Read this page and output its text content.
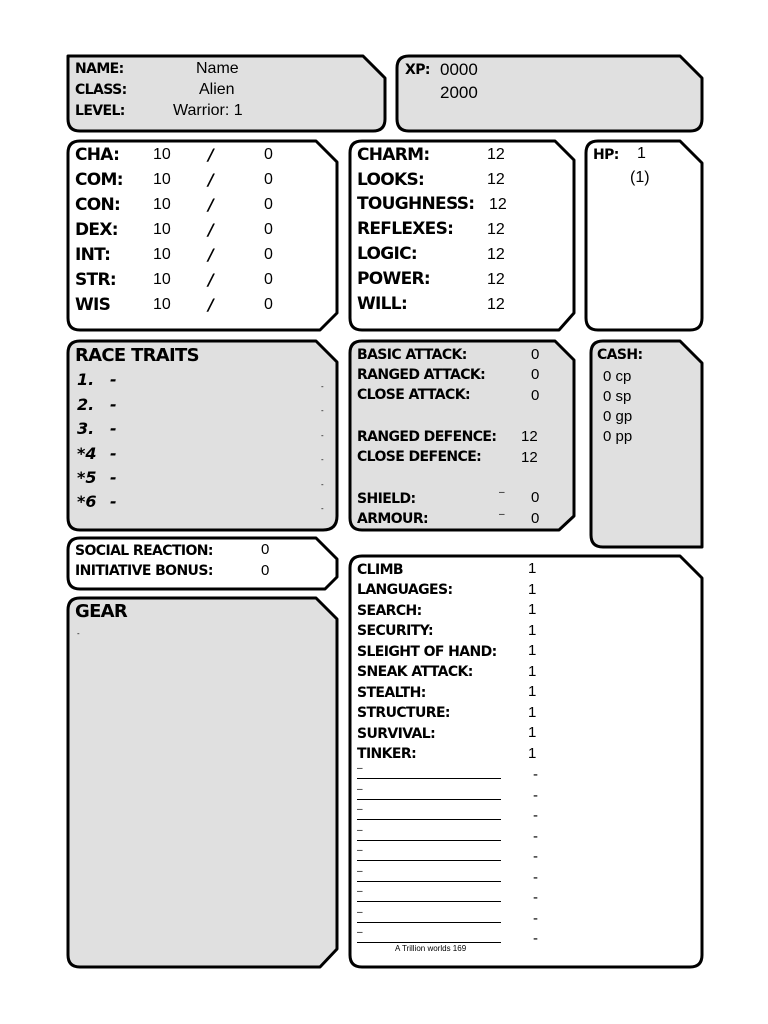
NAME:	Name
CLASS:	Alien
LEVEL:	Warrior: 1
XP: 0000
2000
CHA: 10 /	0
COM: 10 /	0
CON: 10 /	0
DEX: 10 /	0
INT:	10 /	0
STR: 10 /	0
WIS	10 /	0
CHARM:	12
LOOKS:	12
TOUGHNESS: 12
REFLEXES: 12
LOGIC:	12
POWER:	12
WILL:	12
HP: 1
(1)
RACE TRAITS
1. -	-
2. -	-
3. -	-
*4 -	-
*5 -	-
*6 -	-
BASIC ATTACK:	0
RANGED ATTACK:	0
CLOSE ATTACK:	0
RANGED DEFENCE: 12
CLOSE DEFENCE:	12
SHIELD:	– 0
ARMOUR:	– 0
CASH:
0 cp
0 sp
0 gp
0 pp
SOCIAL REACTION:	0
INITIATIVE BONUS:	0
GEAR
-
CLIMB	1
LANGUAGES:	1
SEARCH:	1
SECURITY:	1
SLEIGHT OF HAND: 1
SNEAK ATTACK:	1
STEALTH:	1
STRUCTURE:	1
SURVIVAL:	1
TINKER:	1
–	-
–	-
–	-
–	-
–	-
–	-
–	-
–	-
–	-
A Trillion worlds 169
